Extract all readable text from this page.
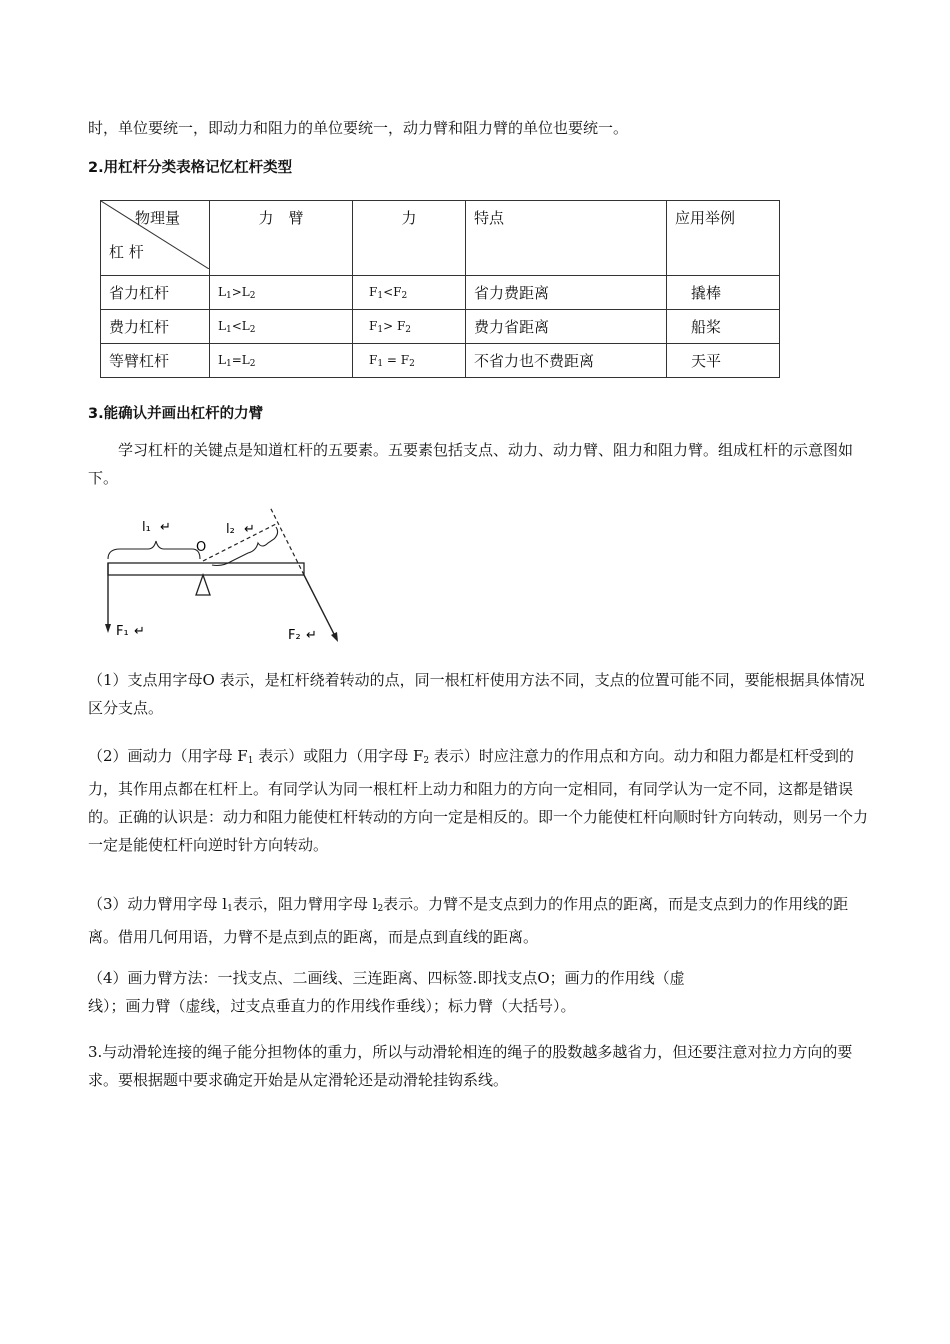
时，单位要统一，即动力和阻力的单位要统一，动力臂和阻力臂的单位也要统一。
2.用杠杆分类表格记忆杠杆类型
物理量
杠 杆	力　臂	力	特点	应用举例
省力杠杆	$L_1>L_2$	$F_1<F_2$	省力费距离	撬棒
费力杠杆	$L_1<L_2$	$F_1> F_2$	费力省距离	船桨
等臂杠杆	$L_1=L_2$	$F_1 = F_2$	不省力也不费距离	天平
3.能确认并画出杠杆的力臂
学习杠杆的关键点是知道杠杆的五要素。五要素包括支点、动力、动力臂、阻力和阻力臂。组成杠杆的示意图如下。
l₁ ↵	l₂ ↵
O
F₁ ↵	F₂ ↵
（1）支点用字母O 表示，是杠杆绕着转动的点，同一根杠杆使用方法不同，支点的位置可能不同，要能根据具体情况区分支点。
（2）画动力（用字母 $F_1$ 表示）或阻力（用字母 $F_2$ 表示）时应注意力的作用点和方向。动力和阻力都是杠杆受到的力，其作用点都在杠杆上。有同学认为同一根杠杆上动力和阻力的方向一定相同，有同学认为一定不同，这都是错误的。正确的认识是：动力和阻力能使杠杆转动的方向一定是相反的。即一个力能使杠杆向顺时针方向转动，则另一个力一定是能使杠杆向逆时针方向转动。
（3）动力臂用字母 $l_1$表示，阻力臂用字母 $l_2$表示。力臂不是支点到力的作用点的距离，而是支点到力的作用线的距离。借用几何用语，力臂不是点到点的距离，而是点到直线的距离。
（4）画力臂方法：一找支点、二画线、三连距离、四标签.即找支点O；画力的作用线（虚
线）；画力臂（虚线，过支点垂直力的作用线作垂线）；标力臂（大括号）。
3.与动滑轮连接的绳子能分担物体的重力，所以与动滑轮相连的绳子的股数越多越省力，但还要注意对拉力方向的要求。要根据题中要求确定开始是从定滑轮还是动滑轮挂钩系线。
